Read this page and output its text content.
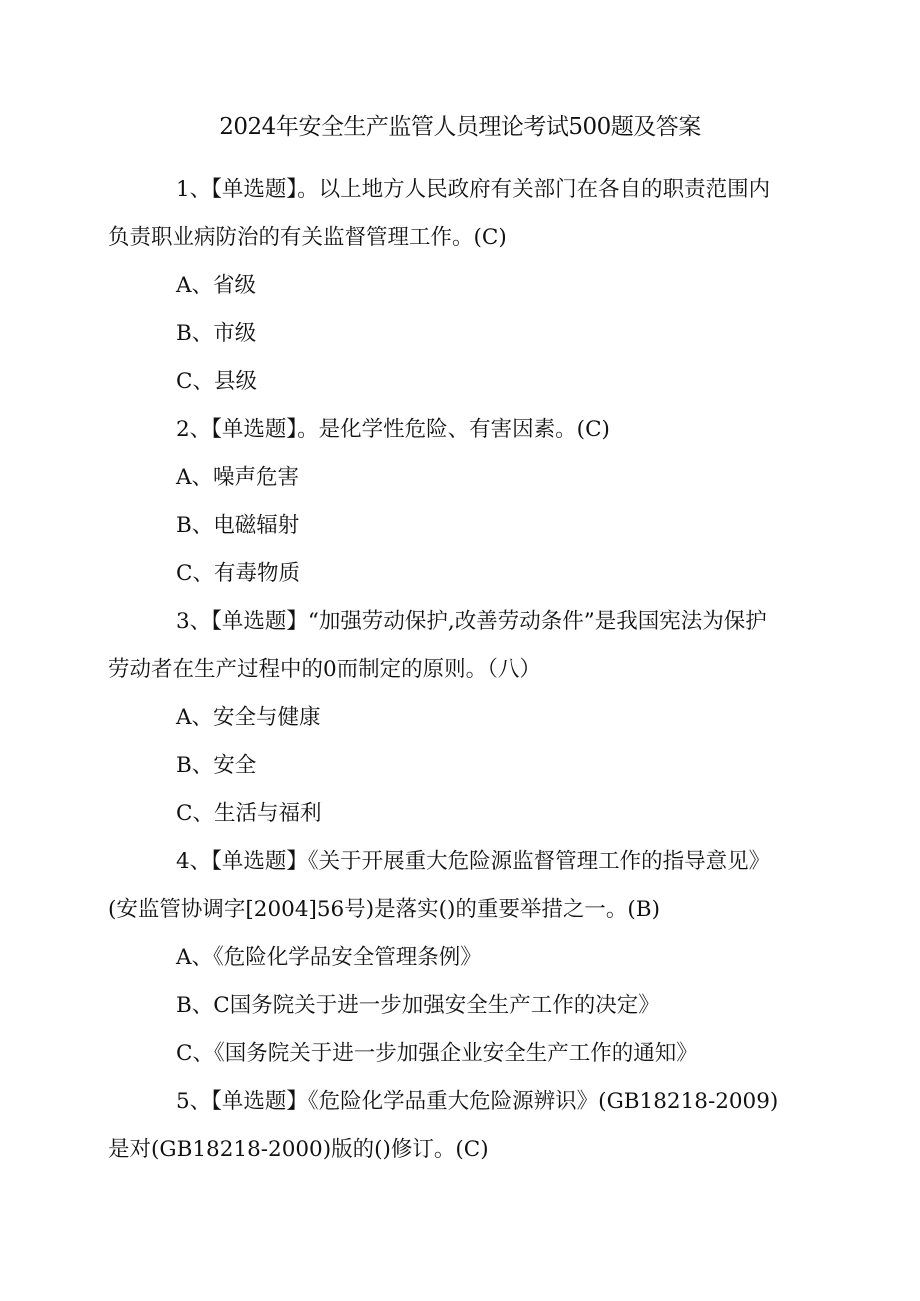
2024年安全生产监管人员理论考试500题及答案

1、【单选题】。以上地方人民政府有关部门在各自的职责范围内负责职业病防治的有关监督管理工作。(C)

A、省级

B、市级

C、县级

2、【单选题】。是化学性危险、有害因素。(C)

A、噪声危害

B、电磁辐射

C、有毒物质

3、【单选题】“加强劳动保护,改善劳动条件”是我国宪法为保护劳动者在生产过程中的0而制定的原则。（八）

A、安全与健康

B、安全

C、生活与福利

4、【单选题】《关于开展重大危险源监督管理工作的指导意见》(安监管协调字[2004]56号)是落实()的重要举措之一。(B)

A、《危险化学品安全管理条例》

B、C国务院关于进一步加强安全生产工作的决定》

C、《国务院关于进一步加强企业安全生产工作的通知》

5、【单选题】《危险化学品重大危险源辨识》(GB18218-2009)是对(GB18218-2000)版的()修订。(C)
